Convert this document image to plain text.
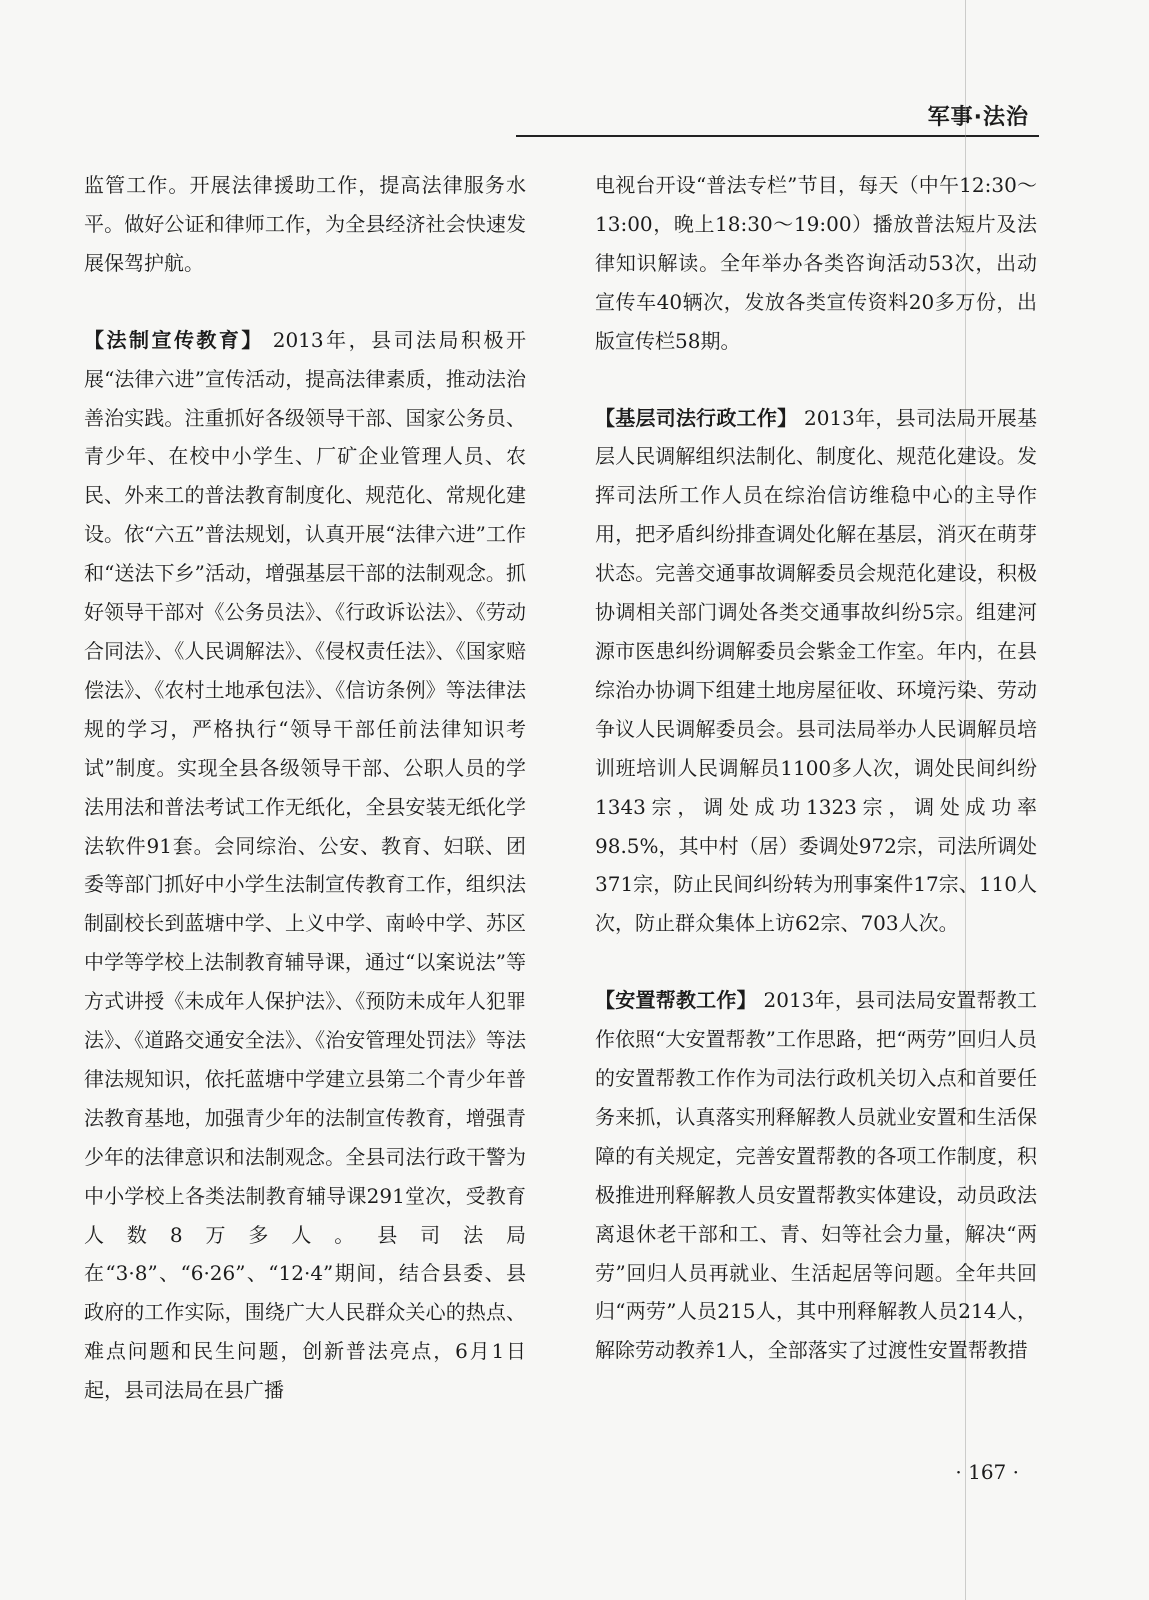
军事·法治

监管工作。开展法律援助工作，提高法律服务水平。做好公证和律师工作，为全县经济社会快速发展保驾护航。

【法制宣传教育】 2013年，县司法局积极开展“法律六进”宣传活动，提高法律素质，推动法治善治实践。注重抓好各级领导干部、国家公务员、青少年、在校中小学生、厂矿企业管理人员、农民、外来工的普法教育制度化、规范化、常规化建设。依“六五”普法规划，认真开展“法律六进”工作和“送法下乡”活动，增强基层干部的法制观念。抓好领导干部对《公务员法》、《行政诉讼法》、《劳动合同法》、《人民调解法》、《侵权责任法》、《国家赔偿法》、《农村土地承包法》、《信访条例》等法律法规的学习，严格执行“领导干部任前法律知识考试”制度。实现全县各级领导干部、公职人员的学法用法和普法考试工作无纸化，全县安装无纸化学法软件91套。会同综治、公安、教育、妇联、团委等部门抓好中小学生法制宣传教育工作，组织法制副校长到蓝塘中学、上义中学、南岭中学、苏区中学等学校上法制教育辅导课，通过“以案说法”等方式讲授《未成年人保护法》、《预防未成年人犯罪法》、《道路交通安全法》、《治安管理处罚法》等法律法规知识，依托蓝塘中学建立县第二个青少年普法教育基地，加强青少年的法制宣传教育，增强青少年的法律意识和法制观念。全县司法行政干警为中小学校上各类法制教育辅导课291堂次，受教育人数8万多人。县司法局在“3·8”、“6·26”、“12·4”期间，结合县委、县政府的工作实际，围绕广大人民群众关心的热点、难点问题和民生问题，创新普法亮点，6月1日起，县司法局在县广播

电视台开设“普法专栏”节目，每天（中午12:30～13:00，晚上18:30～19:00）播放普法短片及法律知识解读。全年举办各类咨询活动53次，出动宣传车40辆次，发放各类宣传资料20多万份，出版宣传栏58期。

【基层司法行政工作】 2013年，县司法局开展基层人民调解组织法制化、制度化、规范化建设。发挥司法所工作人员在综治信访维稳中心的主导作用，把矛盾纠纷排查调处化解在基层，消灭在萌芽状态。完善交通事故调解委员会规范化建设，积极协调相关部门调处各类交通事故纠纷5宗。组建河源市医患纠纷调解委员会紫金工作室。年内，在县综治办协调下组建土地房屋征收、环境污染、劳动争议人民调解委员会。县司法局举办人民调解员培训班培训人民调解员1100多人次，调处民间纠纷1343宗，调处成功1323宗，调处成功率98.5%，其中村（居）委调处972宗，司法所调处371宗，防止民间纠纷转为刑事案件17宗、110人次，防止群众集体上访62宗、703人次。

【安置帮教工作】 2013年，县司法局安置帮教工作依照“大安置帮教”工作思路，把“两劳”回归人员的安置帮教工作作为司法行政机关切入点和首要任务来抓，认真落实刑释解教人员就业安置和生活保障的有关规定，完善安置帮教的各项工作制度，积极推进刑释解教人员安置帮教实体建设，动员政法离退休老干部和工、青、妇等社会力量，解决“两劳”回归人员再就业、生活起居等问题。全年共回归“两劳”人员215人，其中刑释解教人员214人，解除劳动教养1人，全部落实了过渡性安置帮教措

· 167 ·
